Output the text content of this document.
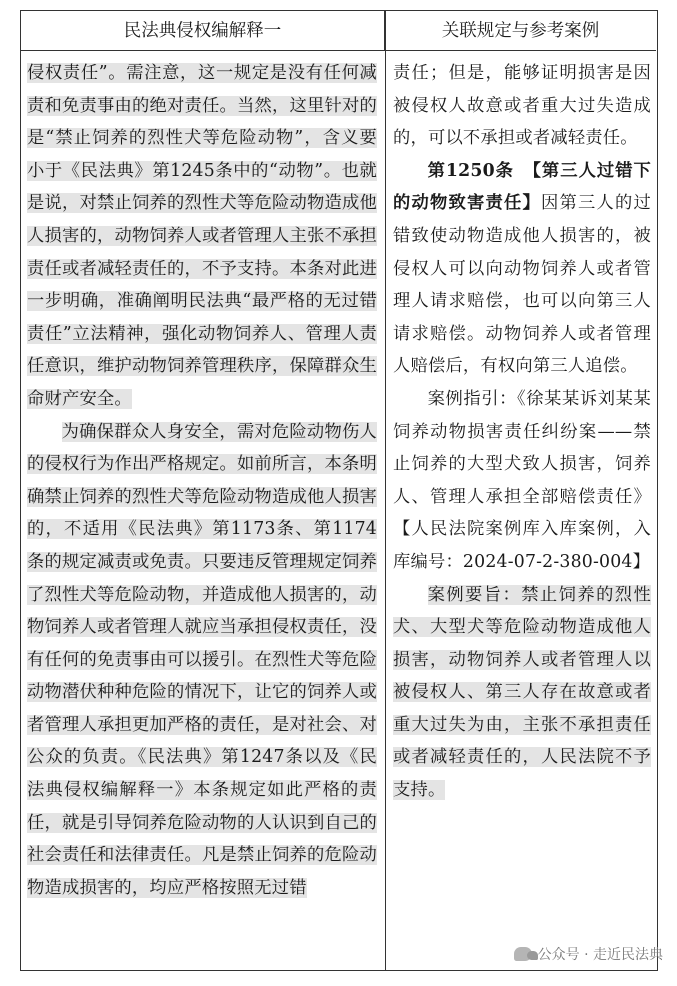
民法典侵权编解释一	关联规定与参考案例

侵权责任”。需注意，这一规定是没有任何减责和免责事由的绝对责任。当然，这里针对的是“禁止饲养的烈性犬等危险动物”，含义要小于《民法典》第1245条中的“动物”。也就是说，对禁止饲养的烈性犬等危险动物造成他人损害的，动物饲养人或者管理人主张不承担责任或者减轻责任的，不予支持。本条对此进一步明确，准确阐明民法典“最严格的无过错责任”立法精神，强化动物饲养人、管理人责任意识，维护动物饲养管理秩序，保障群众生命财产安全。

为确保群众人身安全，需对危险动物伤人的侵权行为作出严格规定。如前所言，本条明确禁止饲养的烈性犬等危险动物造成他人损害的，不适用《民法典》第1173条、第1174条的规定减责或免责。只要违反管理规定饲养了烈性犬等危险动物，并造成他人损害的，动物饲养人或者管理人就应当承担侵权责任，没有任何的免责事由可以援引。在烈性犬等危险动物潜伏种种危险的情况下，让它的饲养人或者管理人承担更加严格的责任，是对社会、对公众的负责。《民法典》第1247条以及《民法典侵权编解释一》本条规定如此严格的责任，就是引导饲养危险动物的人认识到自己的社会责任和法律责任。凡是禁止饲养的危险动物造成损害的，均应严格按照无过错

责任；但是，能够证明损害是因被侵权人故意或者重大过失造成的，可以不承担或者减轻责任。

第1250条　【第三人过错下的动物致害责任】因第三人的过错致使动物造成他人损害的，被侵权人可以向动物饲养人或者管理人请求赔偿，也可以向第三人请求赔偿。动物饲养人或者管理人赔偿后，有权向第三人追偿。

案例指引：《徐某某诉刘某某饲养动物损害责任纠纷案——禁止饲养的大型犬致人损害，饲养人、管理人承担全部赔偿责任》【人民法院案例库入库案例，入库编号：2024-07-2-380-004】

案例要旨：禁止饲养的烈性犬、大型犬等危险动物造成他人损害，动物饲养人或者管理人以被侵权人、第三人存在故意或者重大过失为由，主张不承担责任或者减轻责任的，人民法院不予支持。

公众号 · 走近民法典
